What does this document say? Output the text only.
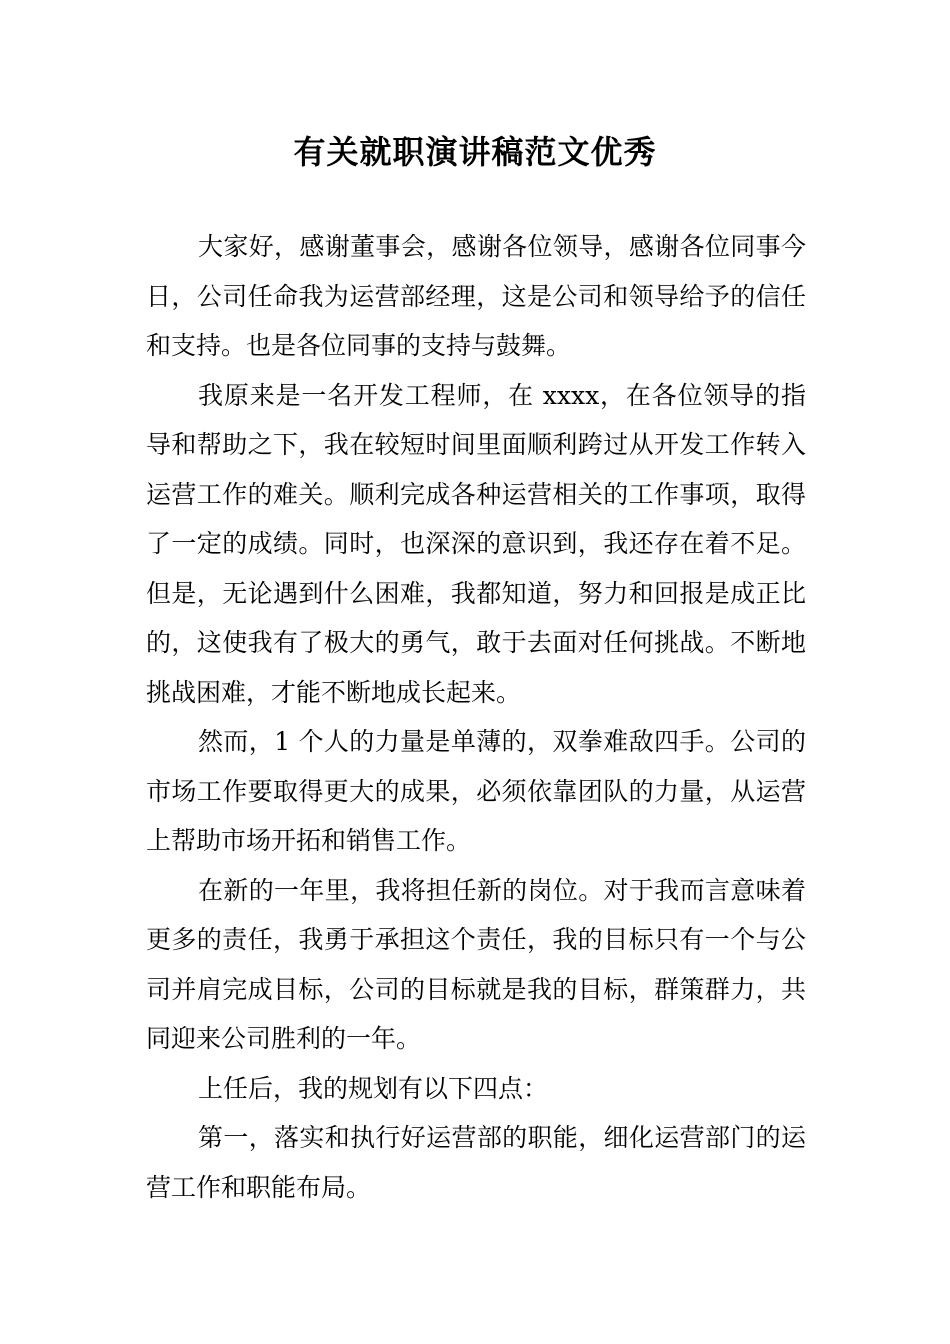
有关就职演讲稿范文优秀

大家好，感谢董事会，感谢各位领导，感谢各位同事今日，公司任命我为运营部经理，这是公司和领导给予的信任和支持。也是各位同事的支持与鼓舞。

我原来是一名开发工程师，在 xxxx，在各位领导的指导和帮助之下，我在较短时间里面顺利跨过从开发工作转入运营工作的难关。顺利完成各种运营相关的工作事项，取得了一定的成绩。同时，也深深的意识到，我还存在着不足。但是，无论遇到什么困难，我都知道，努力和回报是成正比的，这使我有了极大的勇气，敢于去面对任何挑战。不断地挑战困难，才能不断地成长起来。

然而，1 个人的力量是单薄的，双拳难敌四手。公司的市场工作要取得更大的成果，必须依靠团队的力量，从运营上帮助市场开拓和销售工作。

在新的一年里，我将担任新的岗位。对于我而言意味着更多的责任，我勇于承担这个责任，我的目标只有一个与公司并肩完成目标，公司的目标就是我的目标，群策群力，共同迎来公司胜利的一年。

上任后，我的规划有以下四点：

第一，落实和执行好运营部的职能，细化运营部门的运营工作和职能布局。
